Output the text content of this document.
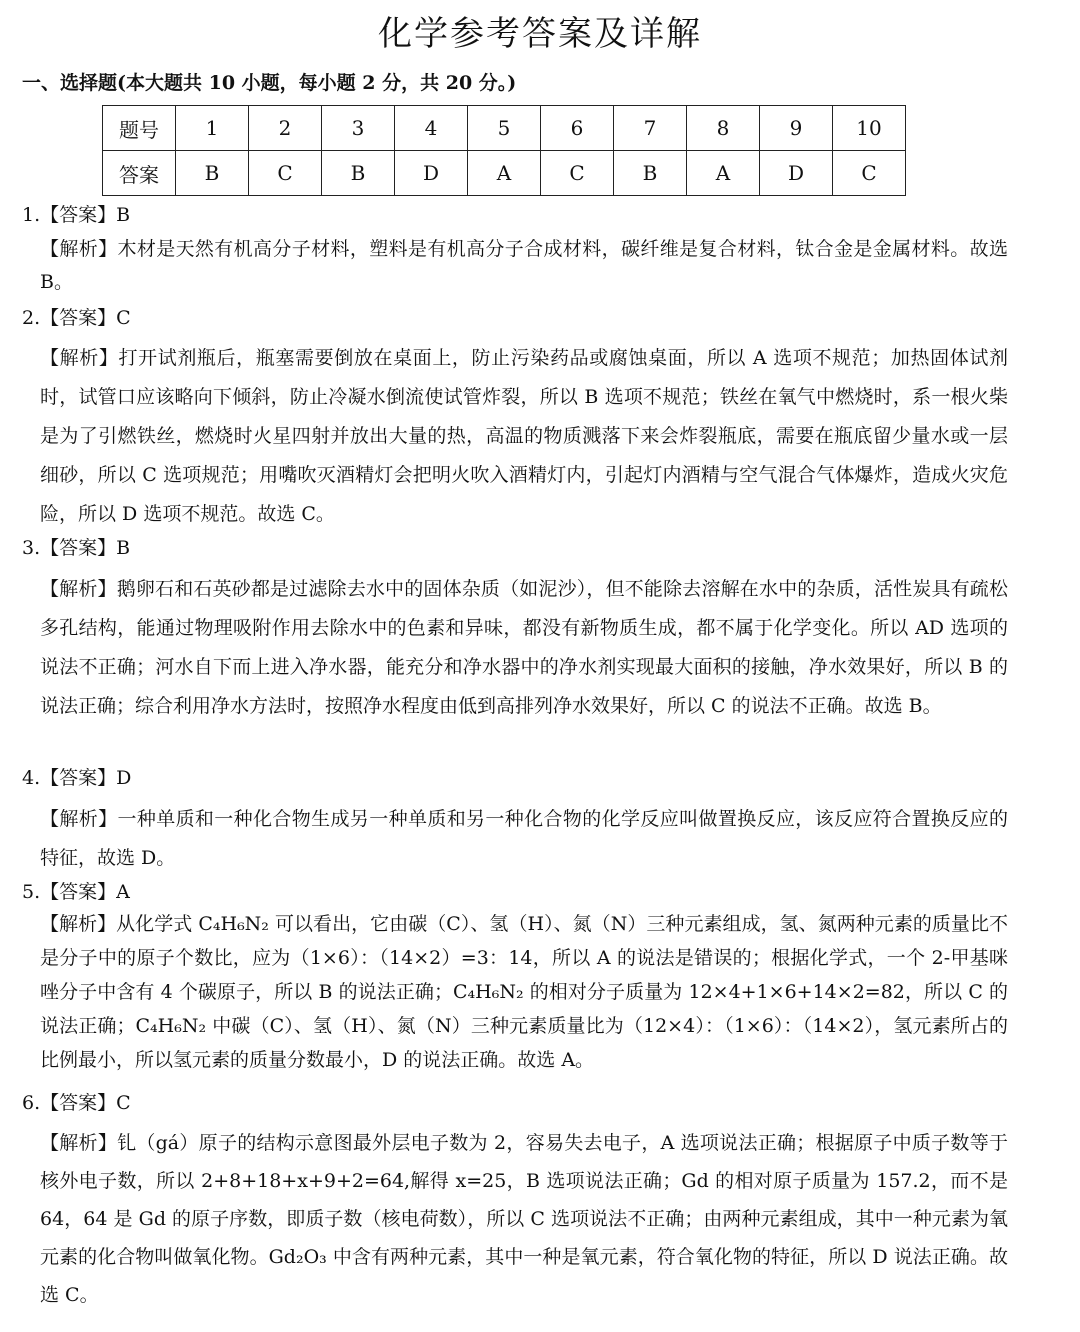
化学参考答案及详解
一、选择题(本大题共 10 小题，每小题 2 分，共 20 分。)
题号	1	2	3	4	5	6	7	8	9	10
答案	B	C	B	D	A	C	B	A	D	C
1.【答案】B
【解析】木材是天然有机高分子材料，塑料是有机高分子合成材料，碳纤维是复合材料，钛合金是金属材料。故选 B。
2.【答案】C
【解析】打开试剂瓶后，瓶塞需要倒放在桌面上，防止污染药品或腐蚀桌面，所以 A 选项不规范；加热固体试剂时，试管口应该略向下倾斜，防止冷凝水倒流使试管炸裂，所以 B 选项不规范；铁丝在氧气中燃烧时，系一根火柴是为了引燃铁丝，燃烧时火星四射并放出大量的热，高温的物质溅落下来会炸裂瓶底，需要在瓶底留少量水或一层细砂，所以 C 选项规范；用嘴吹灭酒精灯会把明火吹入酒精灯内，引起灯内酒精与空气混合气体爆炸，造成火灾危险，所以 D 选项不规范。故选 C。
3.【答案】B
【解析】鹅卵石和石英砂都是过滤除去水中的固体杂质（如泥沙），但不能除去溶解在水中的杂质，活性炭具有疏松多孔结构，能通过物理吸附作用去除水中的色素和异味，都没有新物质生成，都不属于化学变化。所以 AD 选项的说法不正确；河水自下而上进入净水器，能充分和净水器中的净水剂实现最大面积的接触，净水效果好，所以 B 的说法正确；综合利用净水方法时，按照净水程度由低到高排列净水效果好，所以 C 的说法不正确。故选 B。
4.【答案】D
【解析】一种单质和一种化合物生成另一种单质和另一种化合物的化学反应叫做置换反应，该反应符合置换反应的特征，故选 D。
5.【答案】A
【解析】从化学式 C₄H₆N₂ 可以看出，它由碳（C）、氢（H）、氮（N）三种元素组成，氢、氮两种元素的质量比不是分子中的原子个数比，应为（1×6）：（14×2）=3：14，所以 A 的说法是错误的；根据化学式，一个 2-甲基咪唑分子中含有 4 个碳原子，所以 B 的说法正确；C₄H₆N₂ 的相对分子质量为 12×4+1×6+14×2=82，所以 C 的说法正确；C₄H₆N₂ 中碳（C）、氢（H）、氮（N）三种元素质量比为（12×4）：（1×6）：（14×2），氢元素所占的比例最小，所以氢元素的质量分数最小，D 的说法正确。故选 A。
6.【答案】C
【解析】钆（gá）原子的结构示意图最外层电子数为 2，容易失去电子，A 选项说法正确；根据原子中质子数等于核外电子数，所以 2+8+18+x+9+2=64,解得 x=25，B 选项说法正确；Gd 的相对原子质量为 157.2，而不是 64，64 是 Gd 的原子序数，即质子数（核电荷数），所以 C 选项说法不正确；由两种元素组成，其中一种元素为氧元素的化合物叫做氧化物。Gd₂O₃ 中含有两种元素，其中一种是氧元素，符合氧化物的特征，所以 D 说法正确。故选 C。
